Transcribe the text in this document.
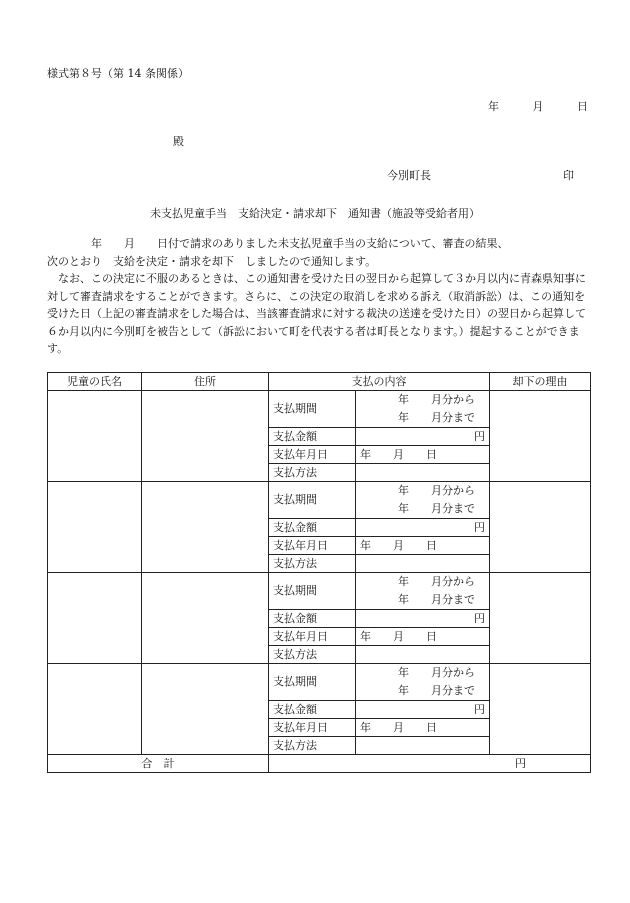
様式第８号（第 14 条関係）
年	月	日
殿
今別町長	印
未支払児童手当　支給決定・請求却下　通知書（施設等受給者用）

　　　　年　　月　　日付で請求のありました未支払児童手当の支給について、審査の結果、

次のとおり　支給を決定・請求を却下　しましたので通知します。

なお、この決定に不服のあるときは、この通知書を受けた日の翌日から起算して３か月以内に青森県知事に対して審査請求をすることができます。さらに、この決定の取消しを求める訴え（取消訴訟）は、この通知を受けた日（上記の審査請求をした場合は、当該審査請求に対する裁決の送達を受けた日）の翌日から起算して６か月以内に今別町を被告として（訴訟において町を代表する者は町長となります。）提起することができます。

児童の氏名	住所	支払の内容		却下の理由
		支払期間	年　　月分から
年　　月分まで	

		支払金額	円	
		支払年月日	年　　月　　日	
		支払方法		
		支払期間	年　　月分から
年　　月分まで	

		支払金額	円	
		支払年月日	年　　月　　日	
		支払方法		
		支払期間	年　　月分から
年　　月分まで	

		支払金額	円	
		支払年月日	年　　月　　日	
		支払方法		
		支払期間	年　　月分から
年　　月分まで	

		支払金額	円	
		支払年月日	年　　月　　日	
		支払方法		
合　計		円		
